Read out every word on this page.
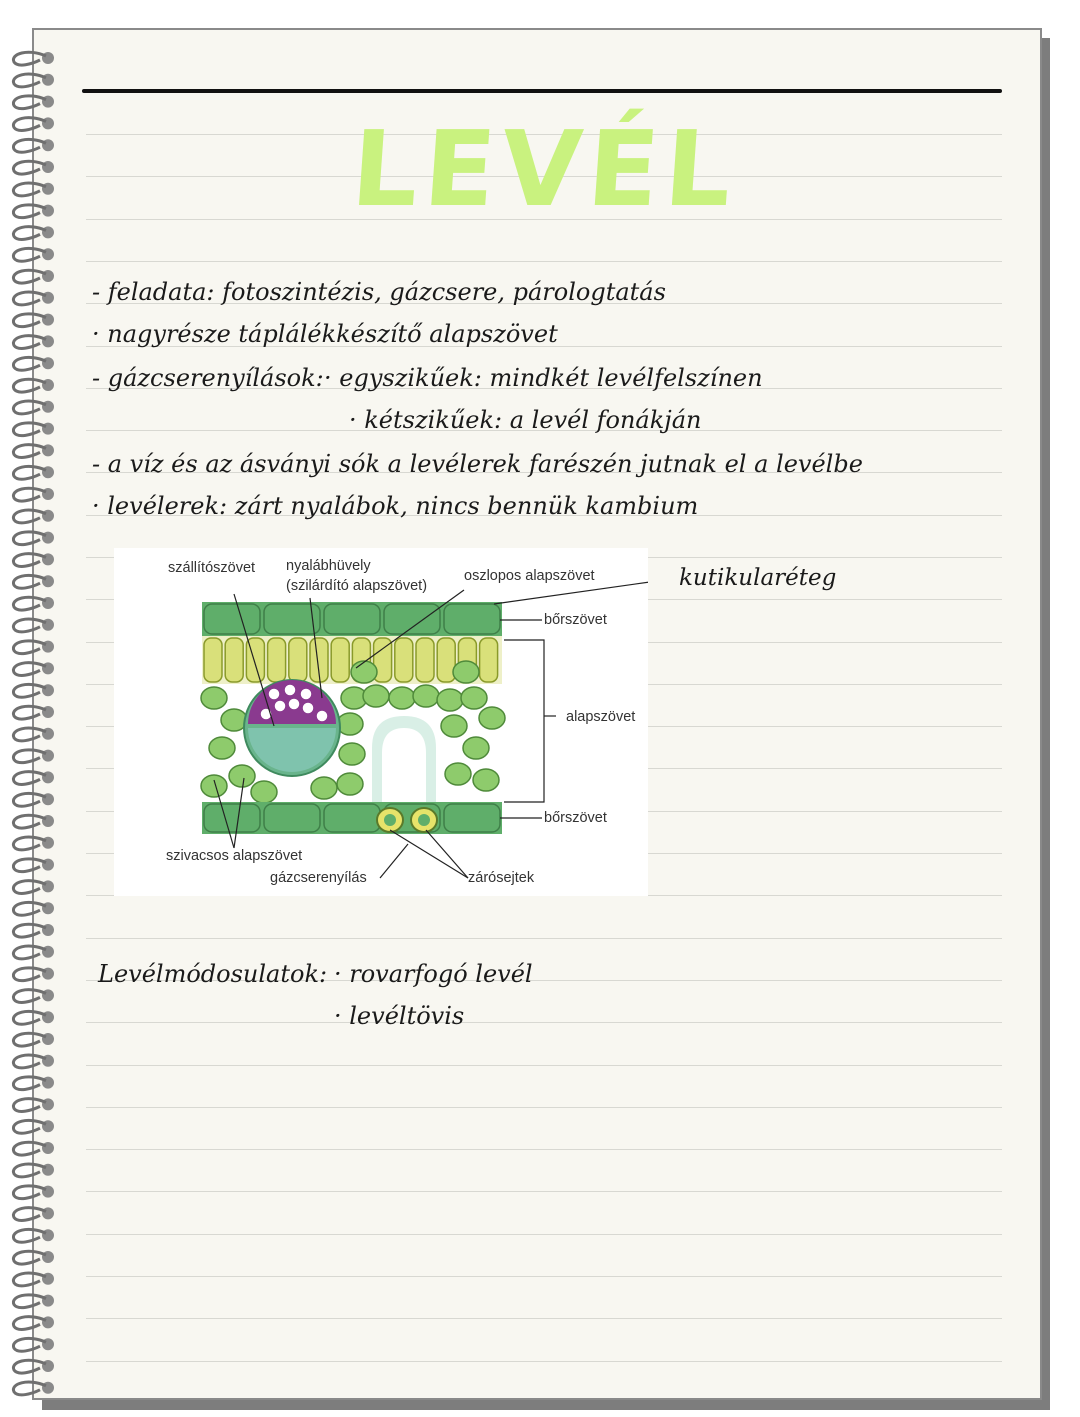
LEVÉL
- feladata: fotoszintézis, gázcsere, párologtatás
· nagyrésze táplálékkészítő alapszövet
- gázcserenyílások: · egyszikűek: mindkét levélfelszínen
· kétszikűek: a levél fonákján
- a víz és az ásványi sók a levélerek farészén jutnak el a levélbe
· levélerek: zárt nyalábok, nincs bennük kambium
kutikularéteg
szállítószövet nyalábhüvely
(szilárdító alapszövet)
oszlopos alapszövet
bőrszövet
alapszövet
bőrszövet
szivacsos alapszövet
gázcserenyílás	zárósejtek
Levélmódosulatok: · rovarfogó levél
· levéltövis
